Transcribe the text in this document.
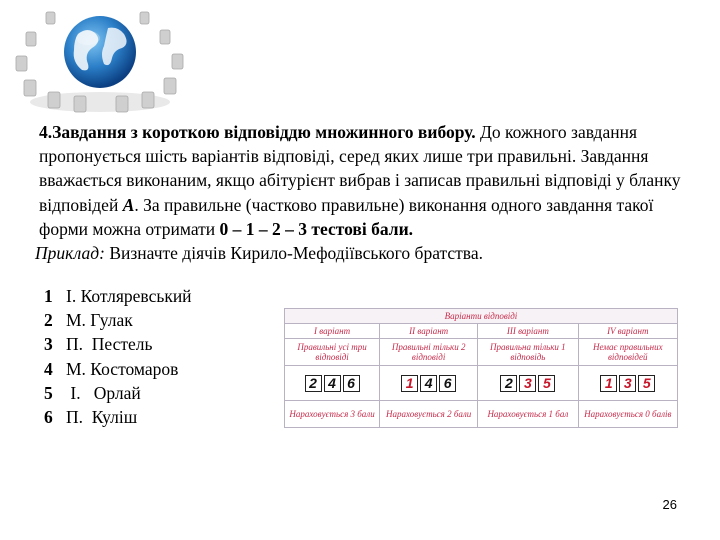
4.Завдання з короткою відповіддю множинного вибору. До кожного завдання пропонується шість варіантів відповіді, серед яких лише три правильні. Завдання вважається виконаним, якщо абітурієнт вибрав і записав правильні відповіді у бланку відповідей А. За правильне (частково правильне) виконання одного завдання такої форми можна отримати 0 – 1 – 2 – 3 тестові бали.

Приклад: Визначте діячів Кирило-Мефодіївського братства.

1 І. Котляревський
2 М. Гулак
3 П.  Пестель
4 М. Костомаров
5 І.   Орлай
6 П.  Куліш
Варіанти відповіді			
І варіант	ІІ варіант	ІІІ варіант	IV варіант
Правильні усі три відповіді	Правильні тільки 2 відповіді	Правильна тільки 1 відповідь	Немає правильних відповідей
2 4 6	1 4 6	2 3 5	1 3 5
Нараховується 3 бали	Нараховується 2 бали	Нараховується 1 бал	Нараховується 0 балів
26
